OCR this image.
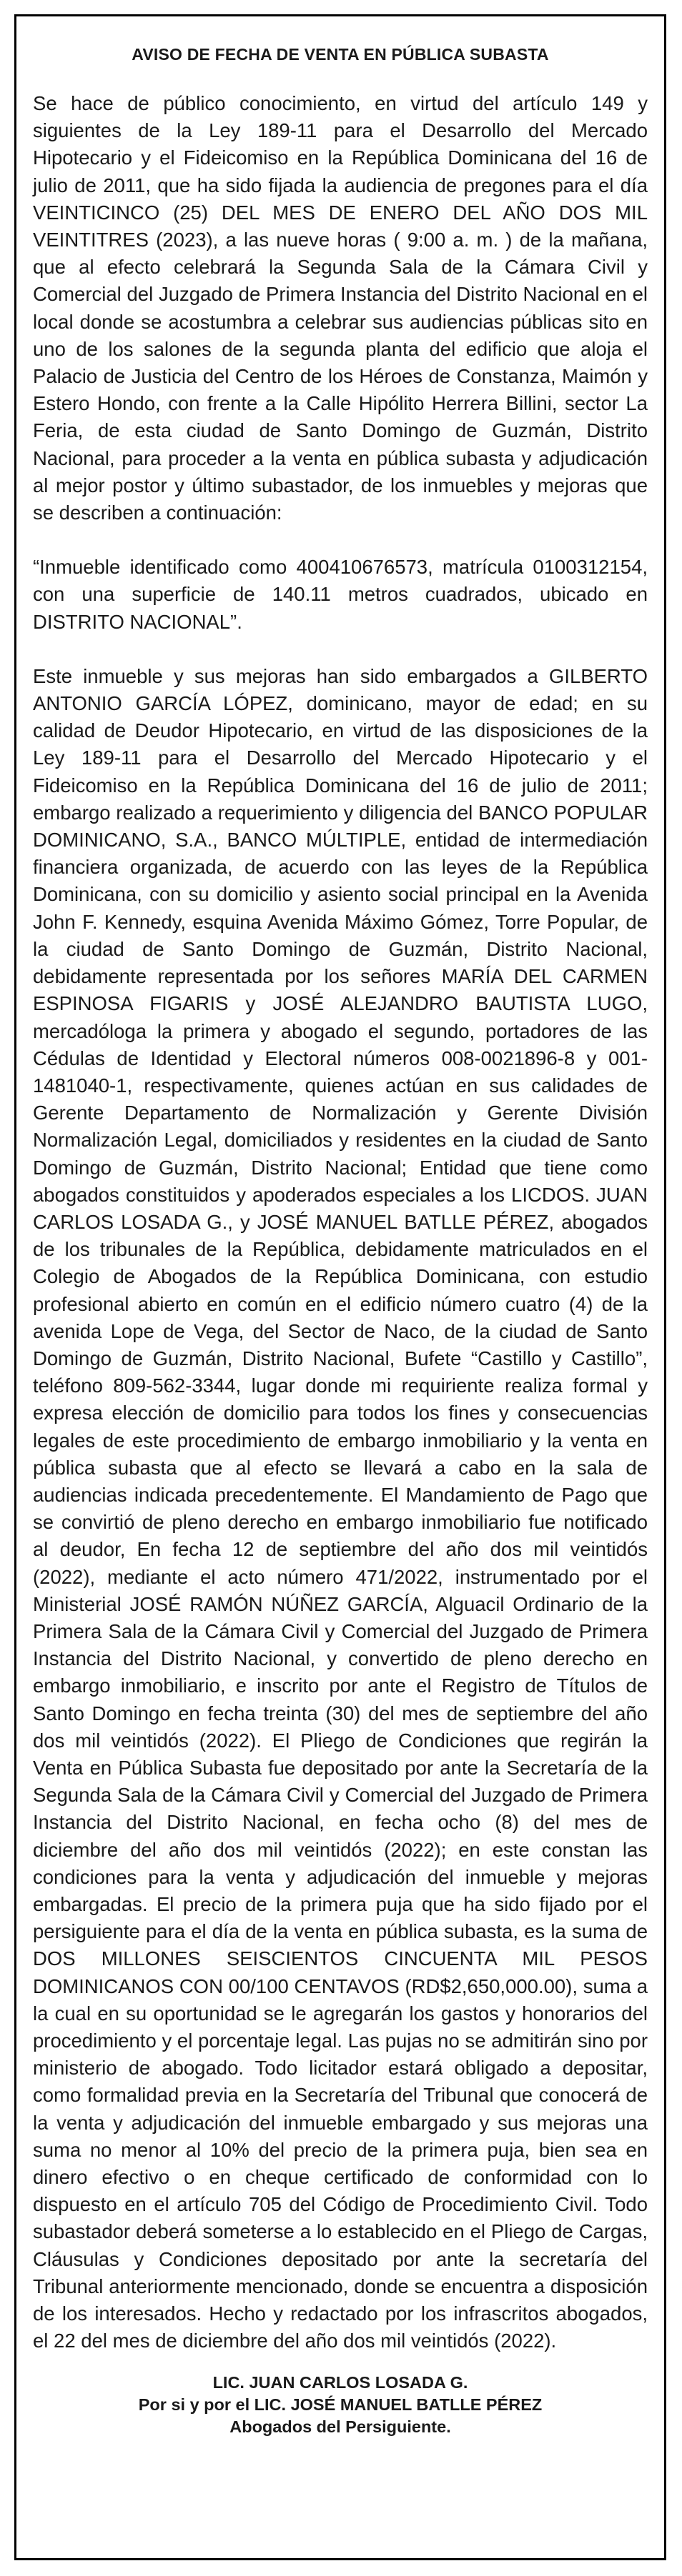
AVISO DE FECHA DE VENTA EN PÚBLICA SUBASTA

Se hace de público conocimiento, en virtud del artículo 149 y siguientes de la Ley 189-11 para el Desarrollo del Mercado Hipotecario y el Fideicomiso en la República Dominicana del 16 de julio de 2011, que ha sido fijada la audiencia de pregones para el día VEINTICINCO (25) DEL MES DE ENERO DEL AÑO DOS MIL VEINTITRES (2023), a las nueve horas ( 9:00 a. m. ) de la mañana, que al efecto celebrará la Segunda Sala de la Cámara Civil y Comercial del Juzgado de Primera Instancia del Distrito Nacional en el local donde se acostumbra a celebrar sus audiencias públicas sito en uno de los salones de la segunda planta del edificio que aloja el Palacio de Justicia del Centro de los Héroes de Constanza, Maimón y Estero Hondo, con frente a la Calle Hipólito Herrera Billini, sector La Feria, de esta ciudad de Santo Domingo de Guzmán, Distrito Nacional, para proceder a la venta en pública subasta y adjudicación al mejor postor y último subastador, de los inmuebles y mejoras que se describen a continuación:

“Inmueble identificado como 400410676573, matrícula 0100312154, con una superficie de 140.11 metros cuadrados, ubicado en DISTRITO NACIONAL”.

Este inmueble y sus mejoras han sido embargados a GILBERTO ANTONIO GARCÍA LÓPEZ, dominicano, mayor de edad; en su calidad de Deudor Hipotecario, en virtud de las disposiciones de la Ley 189-11 para el Desarrollo del Mercado Hipotecario y el Fideicomiso en la República Dominicana del 16 de julio de 2011; embargo realizado a requerimiento y diligencia del BANCO POPULAR DOMINICANO, S.A., BANCO MÚLTIPLE, entidad de intermediación financiera organizada, de acuerdo con las leyes de la República Dominicana, con su domicilio y asiento social principal en la Avenida John F. Kennedy, esquina Avenida Máximo Gómez, Torre Popular, de la ciudad de Santo Domingo de Guzmán, Distrito Nacional, debidamente representada por los señores MARÍA DEL CARMEN ESPINOSA FIGARIS y JOSÉ ALEJANDRO BAUTISTA LUGO, mercadóloga la primera y abogado el segundo, portadores de las Cédulas de Identidad y Electoral números 008-0021896-8 y 001-1481040-1, respectivamente, quienes actúan en sus calidades de Gerente Departamento de Normalización y Gerente División Normalización Legal, domiciliados y residentes en la ciudad de Santo Domingo de Guzmán, Distrito Nacional; Entidad que tiene como abogados constituidos y apoderados especiales a los LICDOS. JUAN CARLOS LOSADA G., y JOSÉ MANUEL BATLLE PÉREZ, abogados de los tribunales de la República, debidamente matriculados en el Colegio de Abogados de la República Dominicana, con estudio profesional abierto en común en el edificio número cuatro (4) de la avenida Lope de Vega, del Sector de Naco, de la ciudad de Santo Domingo de Guzmán, Distrito Nacional, Bufete “Castillo y Castillo”, teléfono 809-562-3344, lugar donde mi requiriente realiza formal y expresa elección de domicilio para todos los fines y consecuencias legales de este procedimiento de embargo inmobiliario y la venta en pública subasta que al efecto se llevará a cabo en la sala de audiencias indicada precedentemente. El Mandamiento de Pago que se convirtió de pleno derecho en embargo inmobiliario fue notificado al deudor, En fecha 12 de septiembre del año dos mil veintidós (2022), mediante el acto número 471/2022, instrumentado por el Ministerial JOSÉ RAMÓN NÚÑEZ GARCÍA, Alguacil Ordinario de la Primera Sala de la Cámara Civil y Comercial del Juzgado de Primera Instancia del Distrito Nacional, y convertido de pleno derecho en embargo inmobiliario, e inscrito por ante el Registro de Títulos de Santo Domingo en fecha treinta (30) del mes de septiembre del año dos mil veintidós (2022). El Pliego de Condiciones que regirán la Venta en Pública Subasta fue depositado por ante la Secretaría de la Segunda Sala de la Cámara Civil y Comercial del Juzgado de Primera Instancia del Distrito Nacional, en fecha ocho (8) del mes de diciembre del año dos mil veintidós (2022); en este constan las condiciones para la venta y adjudicación del inmueble y mejoras embargadas. El precio de la primera puja que ha sido fijado por el persiguiente para el día de la venta en pública subasta, es la suma de DOS MILLONES SEISCIENTOS CINCUENTA MIL PESOS DOMINICANOS CON 00/100 CENTAVOS (RD$2,650,000.00), suma a la cual en su oportunidad se le agregarán los gastos y honorarios del procedimiento y el porcentaje legal. Las pujas no se admitirán sino por ministerio de abogado. Todo licitador estará obligado a depositar, como formalidad previa en la Secretaría del Tribunal que conocerá de la venta y adjudicación del inmueble embargado y sus mejoras una suma no menor al 10% del precio de la primera puja, bien sea en dinero efectivo o en cheque certificado de conformidad con lo dispuesto en el artículo 705 del Código de Procedimiento Civil. Todo subastador deberá someterse a lo establecido en el Pliego de Cargas, Cláusulas y Condiciones depositado por ante la secretaría del Tribunal anteriormente mencionado, donde se encuentra a disposición de los interesados. Hecho y redactado por los infrascritos abogados, el 22 del mes de diciembre del año dos mil veintidós (2022).

LIC. JUAN CARLOS LOSADA G.
Por si y por el LIC. JOSÉ MANUEL BATLLE PÉREZ
Abogados del Persiguiente.
